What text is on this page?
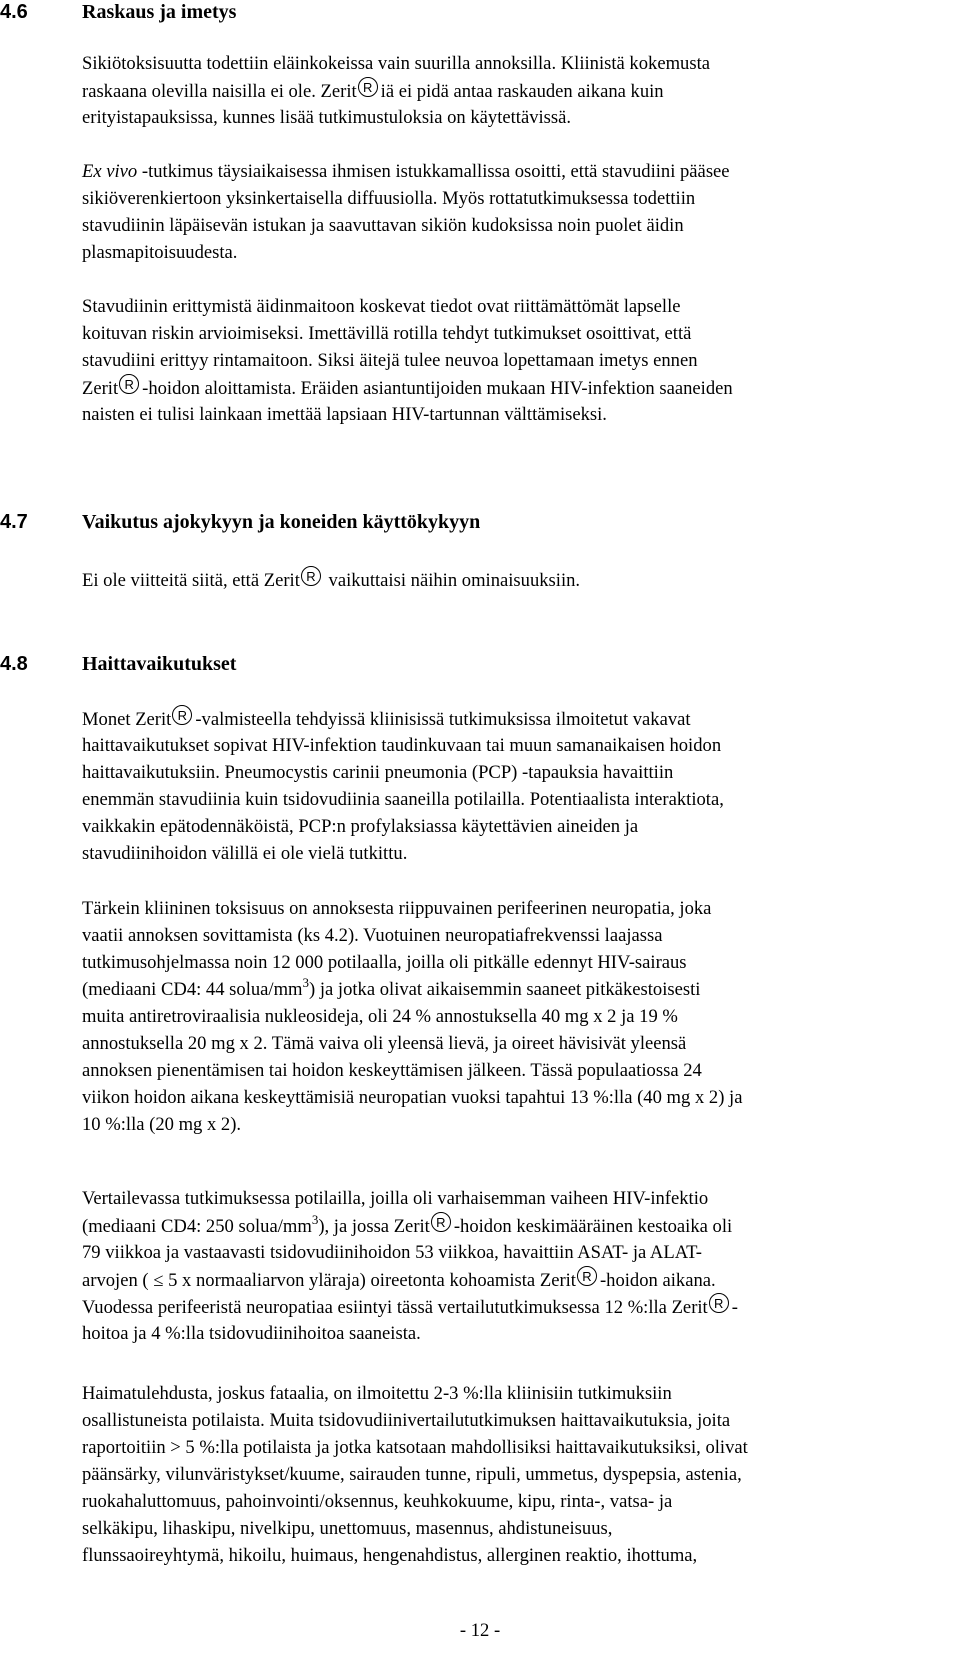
4.6	Raskaus ja imetys
Sikiötoksisuutta todettiin eläinkokeissa vain suurilla annoksilla. Kliinistä kokemusta
raskaana olevilla naisilla ei ole. Zerit R iä ei pidä antaa raskauden aikana kuin
erityistapauksissa, kunnes lisää tutkimustuloksia on käytettävissä.
Ex vivo -tutkimus täysiaikaisessa ihmisen istukkamallissa osoitti, että stavudiini pääsee
sikiöverenkiertoon yksinkertaisella diffuusiolla. Myös rottatutkimuksessa todettiin
stavudiinin läpäisevän istukan ja saavuttavan sikiön kudoksissa noin puolet äidin
plasmapitoisuudesta.
Stavudiinin erittymistä äidinmaitoon koskevat tiedot ovat riittämättömät lapselle
koituvan riskin arvioimiseksi. Imettävillä rotilla tehdyt tutkimukset osoittivat, että
stavudiini erittyy rintamaitoon. Siksi äitejä tulee neuvoa lopettamaan imetys ennen
Zerit R -hoidon aloittamista. Eräiden asiantuntijoiden mukaan HIV-infektion saaneiden
naisten ei tulisi lainkaan imettää lapsiaan HIV-tartunnan välttämiseksi.
4.7	Vaikutus ajokykyyn ja koneiden käyttökykyyn
Ei ole viitteitä siitä, että Zerit R vaikuttaisi näihin ominaisuuksiin.
4.8	Haittavaikutukset
Monet Zerit R -valmisteella tehdyissä kliinisissä tutkimuksissa ilmoitetut vakavat
haittavaikutukset sopivat HIV-infektion taudinkuvaan tai muun samanaikaisen hoidon
haittavaikutuksiin. Pneumocystis carinii pneumonia (PCP) -tapauksia havaittiin
enemmän stavudiinia kuin tsidovudiinia saaneilla potilailla. Potentiaalista interaktiota,
vaikkakin epätodennäköistä, PCP:n profylaksiassa käytettävien aineiden ja
stavudiinihoidon välillä ei ole vielä tutkittu.
Tärkein kliininen toksisuus on annoksesta riippuvainen perifeerinen neuropatia, joka
vaatii annoksen sovittamista (ks 4.2). Vuotuinen neuropatiafrekvenssi laajassa
tutkimusohjelmassa noin 12 000 potilaalla, joilla oli pitkälle edennyt HIV-sairaus
(mediaani CD4: 44 solua/$mm^3$) ja jotka olivat aikaisemmin saaneet pitkäkestoisesti
muita antiretroviraalisia nukleosideja, oli 24 % annostuksella 40 mg x 2 ja 19 %
annostuksella 20 mg x 2. Tämä vaiva oli yleensä lievä, ja oireet hävisivät yleensä
annoksen pienentämisen tai hoidon keskeyttämisen jälkeen. Tässä populaatiossa 24
viikon hoidon aikana keskeyttämisiä neuropatian vuoksi tapahtui 13 %:lla (40 mg x 2) ja
10 %:lla (20 mg x 2).
Vertailevassa tutkimuksessa potilailla, joilla oli varhaisemman vaiheen HIV-infektio
(mediaani CD4: 250 solua/$mm^3$), ja jossa Zerit R -hoidon keskimääräinen kestoaika oli
79 viikkoa ja vastaavasti tsidovudiinihoidon 53 viikkoa, havaittiin ASAT- ja ALAT-
arvojen ( ≤ 5 x normaaliarvon yläraja) oireetonta kohoamista Zerit R -hoidon aikana.
Vuodessa perifeeristä neuropatiaa esiintyi tässä vertailututkimuksessa 12 %:lla Zerit R -
hoitoa ja 4 %:lla tsidovudiinihoitoa saaneista.
Haimatulehdusta, joskus fataalia, on ilmoitettu 2-3 %:lla kliinisiin tutkimuksiin
osallistuneista potilaista. Muita tsidovudiinivertailututkimuksen haittavaikutuksia, joita
raportoitiin > 5 %:lla potilaista ja jotka katsotaan mahdollisiksi haittavaikutuksiksi, olivat
päänsärky, vilunväristykset/kuume, sairauden tunne, ripuli, ummetus, dyspepsia, astenia,
ruokahaluttomuus, pahoinvointi/oksennus, keuhkokuume, kipu, rinta-, vatsa- ja
selkäkipu, lihaskipu, nivelkipu, unettomuus, masennus, ahdistuneisuus,
flunssaoireyhtymä, hikoilu, huimaus, hengenahdistus, allerginen reaktio, ihottuma,
- 12 -
